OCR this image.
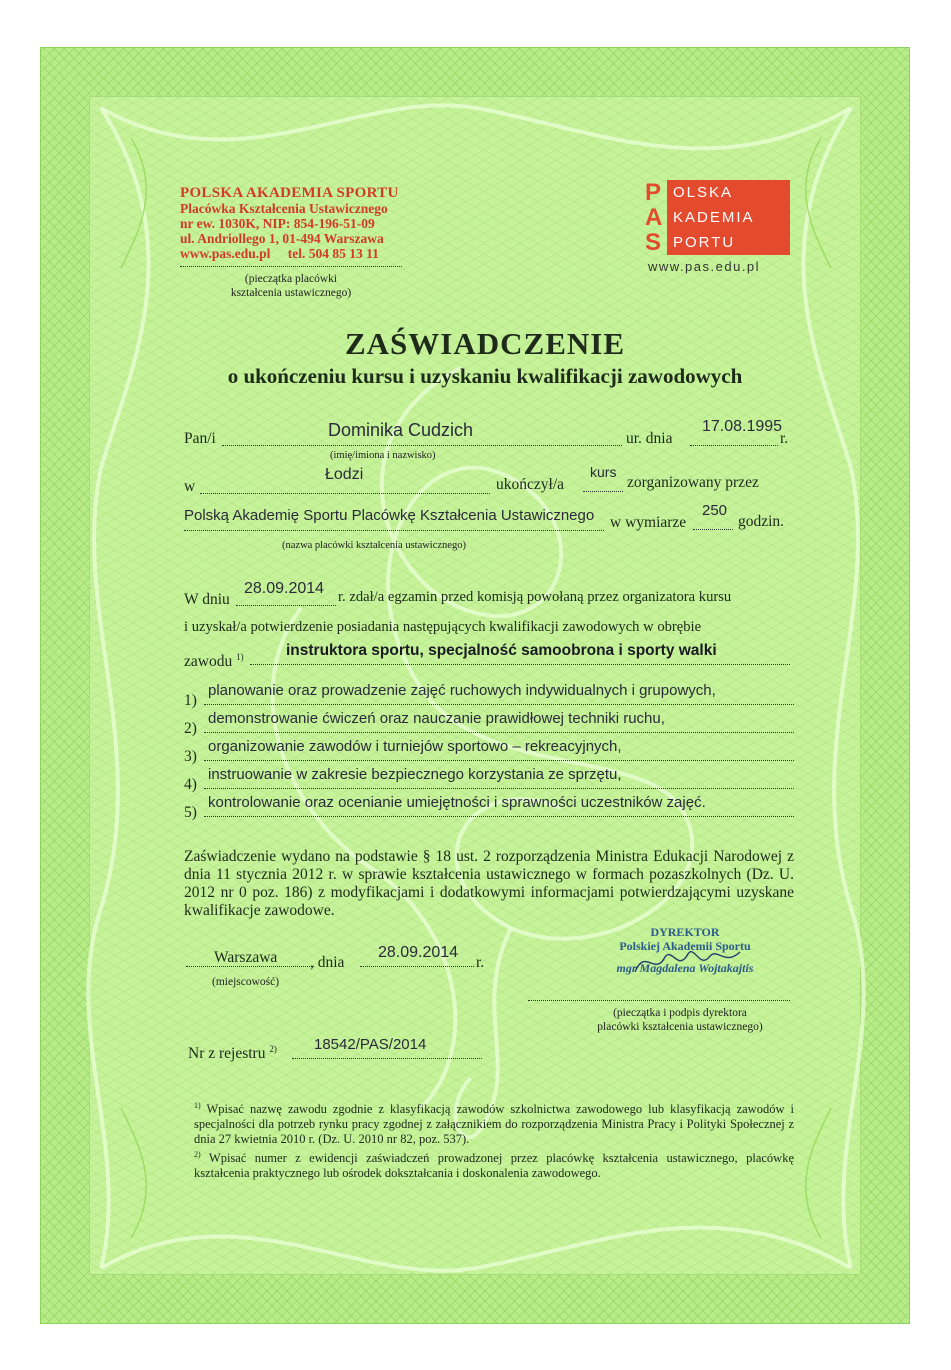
POLSKA AKADEMIA SPORTU
Placówka Kształcenia Ustawicznego
nr ew. 1030K, NIP: 854-196-51-09
ul. Andriollego 1, 01-494 Warszawa
www.pas.edu.pl tel. 504 85 13 11
(pieczątka placówki
kształcenia ustawicznego)
P
A
S
OLSKA
KADEMIA
PORTU
www.pas.edu.pl
ZAŚWIADCZENIE
o ukończeniu kursu i uzyskaniu kwalifikacji zawodowych
Pan/i	Dominika Cudzich	ur. dnia
17.08.1995
r.
(imię/imiona i nazwisko)
w
Łodzi
ukończył/a
kurs
zorganizowany przez
Polską Akademię Sportu Placówkę Kształcenia Ustawicznego w wymiarze
250
godzin.
(nazwa placówki kształcenia ustawicznego)
W dniu
28.09.2014 r. zdał/a egzamin przed komisją powołaną przez organizatora kursu
i uzyskał/a potwierdzenie posiadania następujących kwalifikacji zawodowych w obrębie
zawodu $^{1)}$	instruktora sportu, specjalność samoobrona i sporty walki
1)
planowanie oraz prowadzenie zajęć ruchowych indywidualnych i grupowych,
2)
demonstrowanie ćwiczeń oraz nauczanie prawidłowej techniki ruchu,
3)
organizowanie zawodów i turniejów sportowo – rekreacyjnych,
4)
instruowanie w zakresie bezpiecznego korzystania ze sprzętu,
5)
kontrolowanie oraz ocenianie umiejętności i sprawności uczestników zajęć.
Zaświadczenie wydano na podstawie § 18 ust. 2 rozporządzenia Ministra Edukacji Narodowej z dnia 11 stycznia 2012 r. w sprawie kształcenia ustawicznego w formach pozaszkolnych (Dz. U. 2012 nr 0 poz. 186) z modyfikacjami i dodatkowymi informacjami potwierdzającymi uzyskane kwalifikacje zawodowe.
Warszawa , dnia
28.09.2014
r.
(miejscowość)
DYREKTOR
Polskiej Akademii Sportu
mgr Magdalena Wojtakajtis
(pieczątka i podpis dyrektora
placówki kształcenia ustawicznego)
Nr z rejestru $^{2)}$ 18542/PAS/2014
$^{1)}$ Wpisać nazwę zawodu zgodnie z klasyfikacją zawodów szkolnictwa zawodowego lub klasyfikacją zawodów i specjalności dla potrzeb rynku pracy zgodnej z załącznikiem do rozporządzenia Ministra Pracy i Polityki Społecznej z dnia 27 kwietnia 2010 r. (Dz. U. 2010 nr 82, poz. 537).
$^{2)}$ Wpisać numer z ewidencji zaświadczeń prowadzonej przez placówkę kształcenia ustawicznego, placówkę kształcenia praktycznego lub ośrodek dokształcania i doskonalenia zawodowego.
